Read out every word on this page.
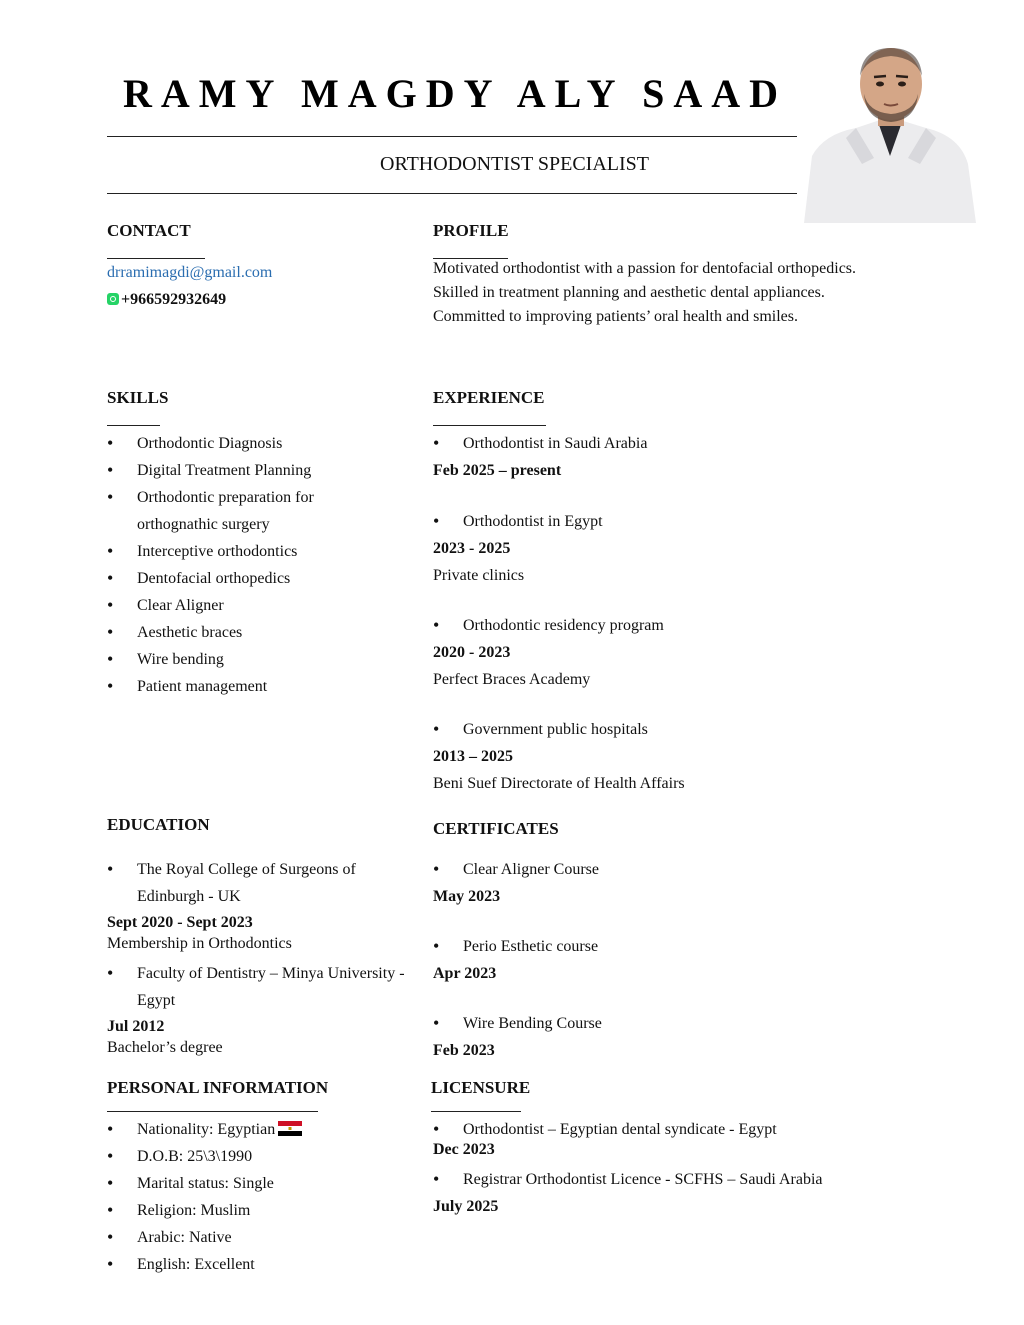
RAMY MAGDY ALY SAAD
ORTHODONTIST SPECIALIST
CONTACT
drramimagdi@gmail.com
+966592932649
PROFILE
Motivated orthodontist with a passion for dentofacial orthopedics.
Skilled in treatment planning and aesthetic dental appliances.
Committed to improving patients’ oral health and smiles.
SKILLS
• Orthodontic Diagnosis
• Digital Treatment Planning
• Orthodontic preparation for orthognathic surgery
• Interceptive orthodontics
• Dentofacial orthopedics
• Clear Aligner
• Aesthetic braces
• Wire bending
• Patient management
EXPERIENCE
• Orthodontist in Saudi Arabia
Feb 2025 – present
• Orthodontist in Egypt
2023 - 2025
Private clinics
• Orthodontic residency program
2020 - 2023
Perfect Braces Academy
• Government public hospitals
2013 – 2025
Beni Suef Directorate of Health Affairs
EDUCATION
• The Royal College of Surgeons of Edinburgh - UK
Sept 2020 - Sept 2023
Membership in Orthodontics
• Faculty of Dentistry – Minya University - Egypt
Jul 2012
Bachelor’s degree
CERTIFICATES
• Clear Aligner Course
May 2023
• Perio Esthetic course
Apr 2023
• Wire Bending Course
Feb 2023
PERSONAL INFORMATION
• Nationality: Egyptian
• D.O.B: 25\3\1990
• Marital status: Single
• Religion: Muslim
• Arabic: Native
• English: Excellent
LICENSURE
• Orthodontist – Egyptian dental syndicate - Egypt
Dec 2023
• Registrar Orthodontist Licence - SCFHS – Saudi Arabia
July 2025
